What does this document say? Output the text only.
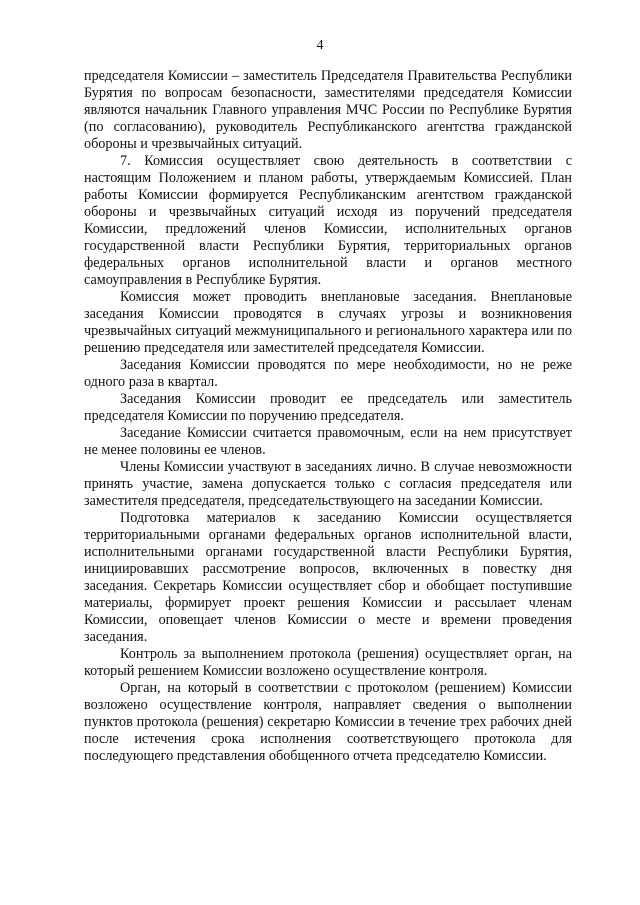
4

председателя Комиссии – заместитель Председателя Правительства Республики Бурятия по вопросам безопасности, заместителями председателя Комиссии являются начальник Главного управления МЧС России по Республике Бурятия (по согласованию), руководитель Республиканского агентства гражданской обороны и чрезвычайных ситуаций.

7. Комиссия осуществляет свою деятельность в соответствии с настоящим Положением и планом работы, утверждаемым Комиссией. План работы Комиссии формируется Республиканским агентством гражданской обороны и чрезвычайных ситуаций исходя из поручений председателя Комиссии, предложений членов Комиссии, исполнительных органов государственной власти Республики Бурятия, территориальных органов федеральных органов исполнительной власти и органов местного самоуправления в Республике Бурятия.

Комиссия может проводить внеплановые заседания. Внеплановые заседания Комиссии проводятся в случаях угрозы и возникновения чрезвычайных ситуаций межмуниципального и регионального характера или по решению председателя или заместителей председателя Комиссии.

Заседания Комиссии проводятся по мере необходимости, но не реже одного раза в квартал.

Заседания Комиссии проводит ее председатель или заместитель председателя Комиссии по поручению председателя.

Заседание Комиссии считается правомочным, если на нем присутствует не менее половины ее членов.

Члены Комиссии участвуют в заседаниях лично. В случае невозможности принять участие, замена допускается только с согласия председателя или заместителя председателя, председательствующего на заседании Комиссии.

Подготовка материалов к заседанию Комиссии осуществляется территориальными органами федеральных органов исполнительной власти, исполнительными органами государственной власти Республики Бурятия, инициировавших рассмотрение вопросов, включенных в повестку дня заседания. Секретарь Комиссии осуществляет сбор и обобщает поступившие материалы, формирует проект решения Комиссии и рассылает членам Комиссии, оповещает членов Комиссии о месте и времени проведения заседания.

Контроль за выполнением протокола (решения) осуществляет орган, на который решением Комиссии возложено осуществление контроля.

Орган, на который в соответствии с протоколом (решением) Комиссии возложено осуществление контроля, направляет сведения о выполнении пунктов протокола (решения) секретарю Комиссии в течение трех рабочих дней после истечения срока исполнения соответствующего протокола для последующего представления обобщенного отчета председателю Комиссии.
